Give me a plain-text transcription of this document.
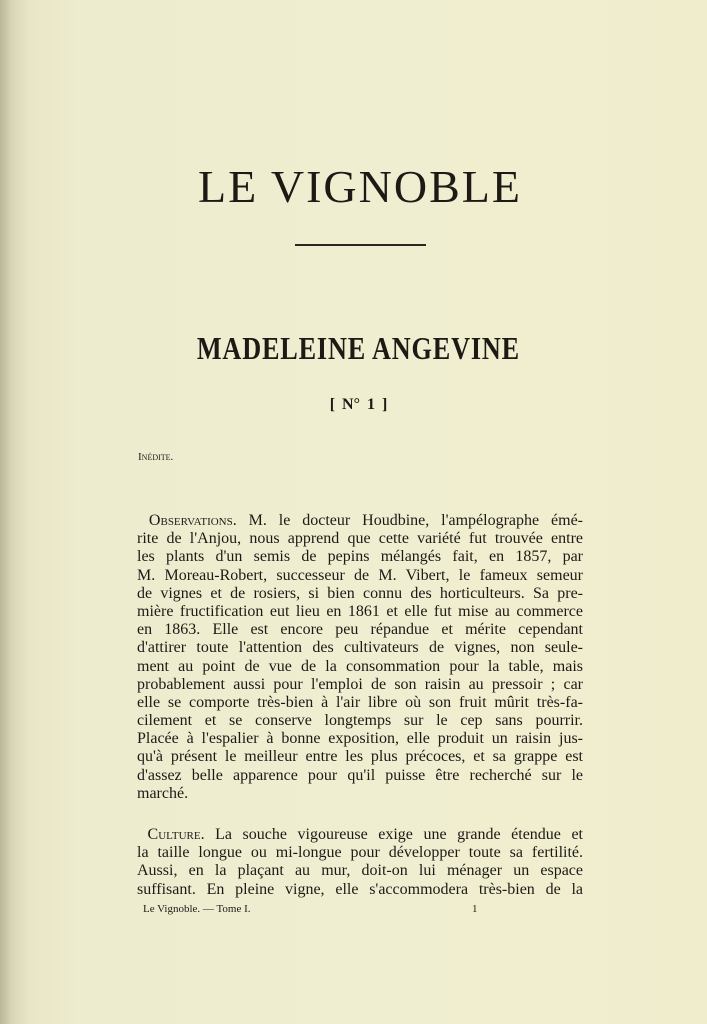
LE VIGNOBLE
MADELEINE ANGEVINE
[ N° 1 ]
Inédite.
Observations. M. le docteur Houdbine, l'ampélographe émé-
rite de l'Anjou, nous apprend que cette variété fut trouvée entre
les plants d'un semis de pepins mélangés fait, en 1857, par
M. Moreau-Robert, successeur de M. Vibert, le fameux semeur
de vignes et de rosiers, si bien connu des horticulteurs. Sa pre-
mière fructification eut lieu en 1861 et elle fut mise au commerce
en 1863. Elle est encore peu répandue et mérite cependant
d'attirer toute l'attention des cultivateurs de vignes, non seule-
ment au point de vue de la consommation pour la table, mais
probablement aussi pour l'emploi de son raisin au pressoir ; car
elle se comporte très-bien à l'air libre où son fruit mûrit très-fa-
cilement et se conserve longtemps sur le cep sans pourrir.
Placée à l'espalier à bonne exposition, elle produit un raisin jus-
qu'à présent le meilleur entre les plus précoces, et sa grappe est
d'assez belle apparence pour qu'il puisse être recherché sur le
marché.
Culture. La souche vigoureuse exige une grande étendue et
la taille longue ou mi-longue pour développer toute sa fertilité.
Aussi, en la plaçant au mur, doit-on lui ménager un espace
suffisant. En pleine vigne, elle s'accommodera très-bien de la
Le Vignoble. — Tome I.	1
